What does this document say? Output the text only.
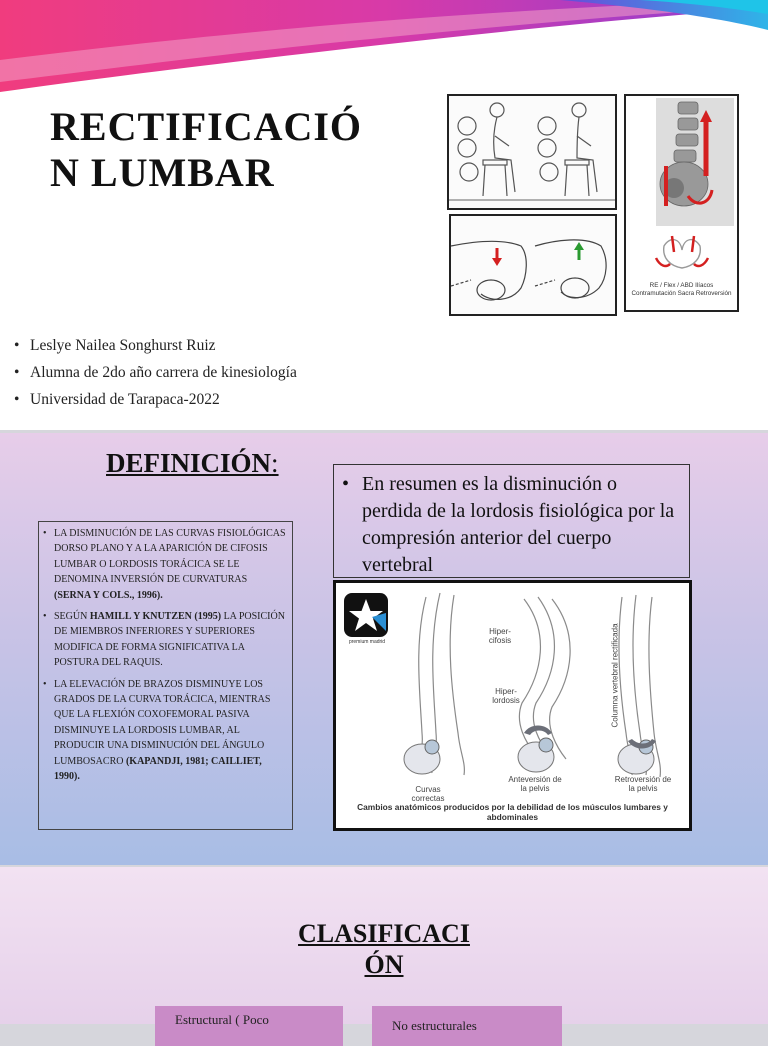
RECTIFICACIÓN LUMBAR
RE / Flex / ABD Ilíacos Contramutación Sacra Retroversión
• Leslye Nailea Songhurst Ruiz
• Alumna de 2do año carrera de kinesiología
• Universidad de Tarapaca-2022
DEFINICIÓN:
• LA DISMINUCIÓN DE LAS CURVAS FISIOLÓGICAS DORSO PLANO Y A LA APARICIÓN DE CIFOSIS LUMBAR O LORDOSIS TORÁCICA SE LE DENOMINA INVERSIÓN DE CURVATURAS (SERNA Y COLS., 1996).
• SEGÚN HAMILL Y KNUTZEN (1995) LA POSICIÓN DE MIEMBROS INFERIORES Y SUPERIORES MODIFICA DE FORMA SIGNIFICATIVA LA POSTURA DEL RAQUIS.
• LA ELEVACIÓN DE BRAZOS DISMINUYE LOS GRADOS DE LA CURVA TORÁCICA, MIENTRAS QUE LA FLEXIÓN COXOFEMORAL PASIVA DISMINUYE LA LORDOSIS LUMBAR, AL PRODUCIR UNA DISMINUCIÓN DEL ÁNGULO LUMBOSACRO (KAPANDJI, 1981; CAILLIET, 1990).
• En resumen es la disminución o perdida de la lordosis fisiológica por la compresión anterior del cuerpo vertebral
premium madrid
Hiper-cifosis
Hiper-lordosis	Columna vertebral rectificada
Curvas correctas
Anteversión de la pelvis
Retroversión de la pelvis
Cambios anatómicos producidos por la debilidad de los músculos lumbares y abdominales
CLASIFICACI
ÓN
Estructural ( Poco	No estructurales
